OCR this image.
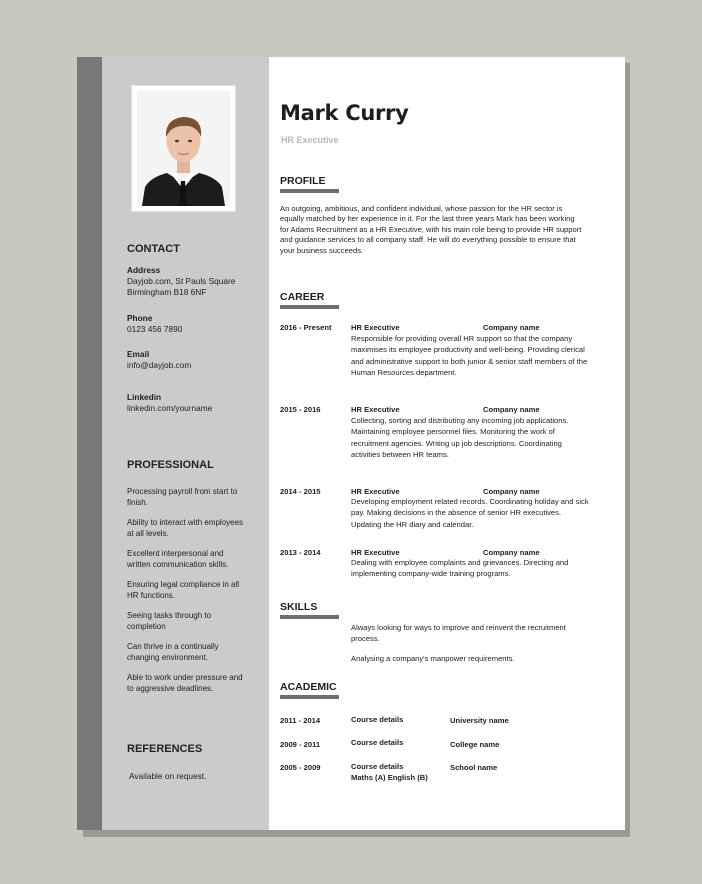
CONTACT
Address
Dayjob.com, St Pauls Square
Birmingham B18 6NF
Phone
0123 456 7890
Email
info@dayjob.com
Linkedin
linkedin.com/yourname
PROFESSIONAL
Processing payroll from start to finish.
Ability to interact with employees at all levels.
Excellent interpersonal and written communication skills.
Ensuring legal compliance in all HR functions.
Seeing tasks through to completion
Can thrive in a continually changing environment.
Able to work under pressure and to aggressive deadlines.
REFERENCES
Available on request.
Mark Curry
HR Executive
PROFILE
An outgoing, ambitious, and confident individual, whose passion for the HR sector is equally matched by her experience in it. For the last three years Mark has been working for Adams Recruitment as a HR Executive, with his main role being to provide HR support and guidance services to all company staff. He will do everything possible to ensure that your business succeeds.
CAREER
2016 - Present	HR Executive	Company name
Responsible for providing overall HR support so that the company maximises its employee productivity and well-being. Providing clerical and administrative support to both junior & senior staff members of the Human Resources department.
2015 - 2016	HR Executive	Company name
Collecting, sorting and distributing any incoming job applications. Maintaining employee personnel files. Monitoring the work of recruitment agencies. Writing up job descriptions. Coordinating activities between HR teams.
2014 - 2015	HR Executive	Company name
Developing employment related records. Coordinating holiday and sick pay. Making decisions in the absence of senior HR executives. Updating the HR diary and calendar.
2013 - 2014	HR Executive	Company name
Dealing with employee complaints and grievances. Directing and implementing company-wide training programs.
SKILLS
Always looking for ways to improve and reinvent the recruitment process.
Analysing a company's manpower requirements.
ACADEMIC
2011 - 2014	Course details	University name
2009 - 2011	Course details	College name
2005 - 2009	Course details	School name
Maths (A) English (B)
